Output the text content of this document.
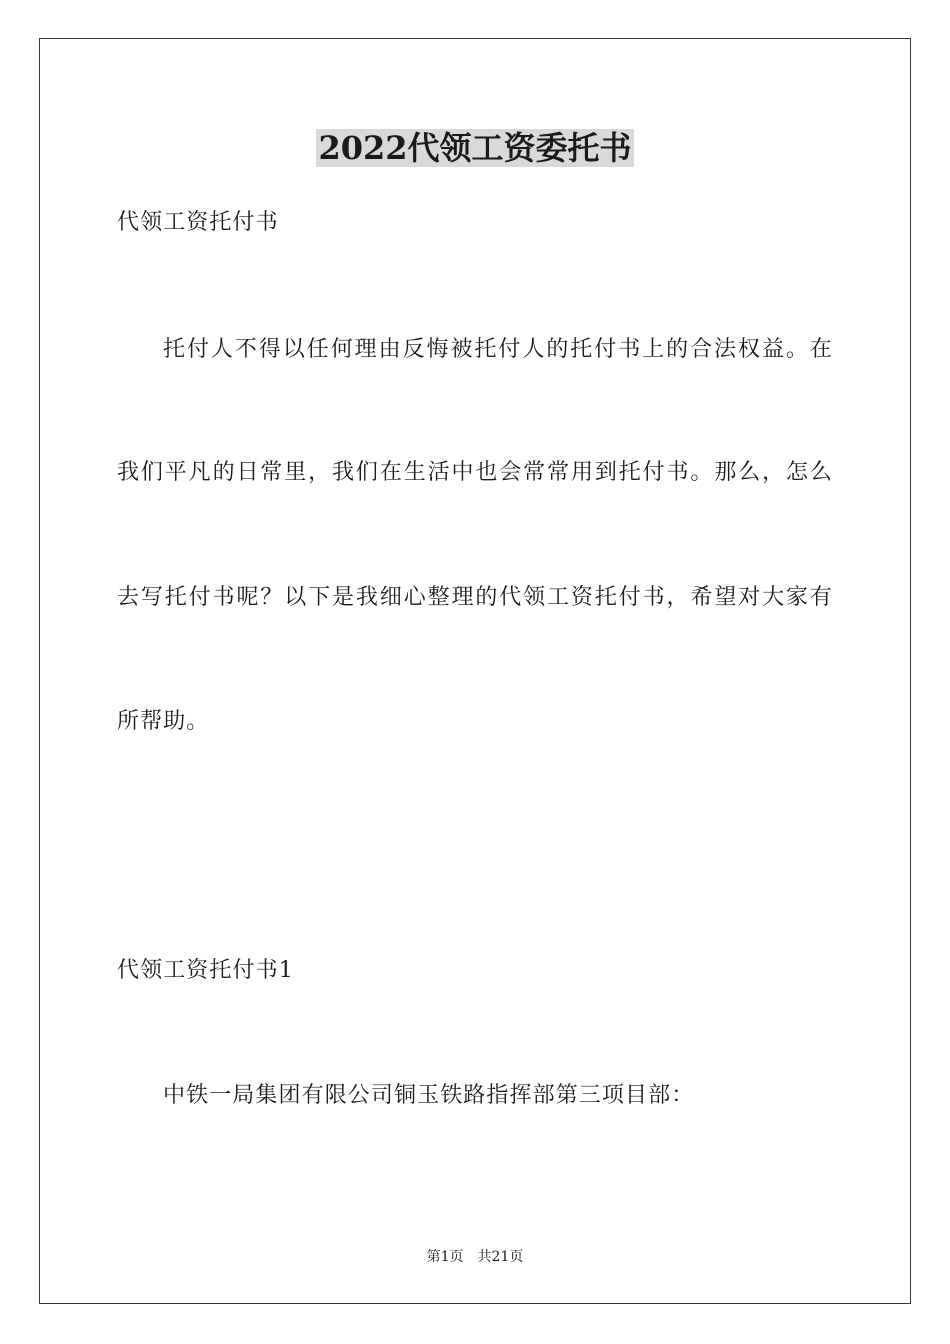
2022代领工资委托书
代领工资托付书
托付人不得以任何理由反悔被托付人的托付书上的合法权益。在
我们平凡的日常里，我们在生活中也会常常用到托付书。那么，怎么
去写托付书呢？以下是我细心整理的代领工资托付书，希望对大家有
所帮助。
代领工资托付书1
中铁一局集团有限公司铜玉铁路指挥部第三项目部：
第1页 共21页
